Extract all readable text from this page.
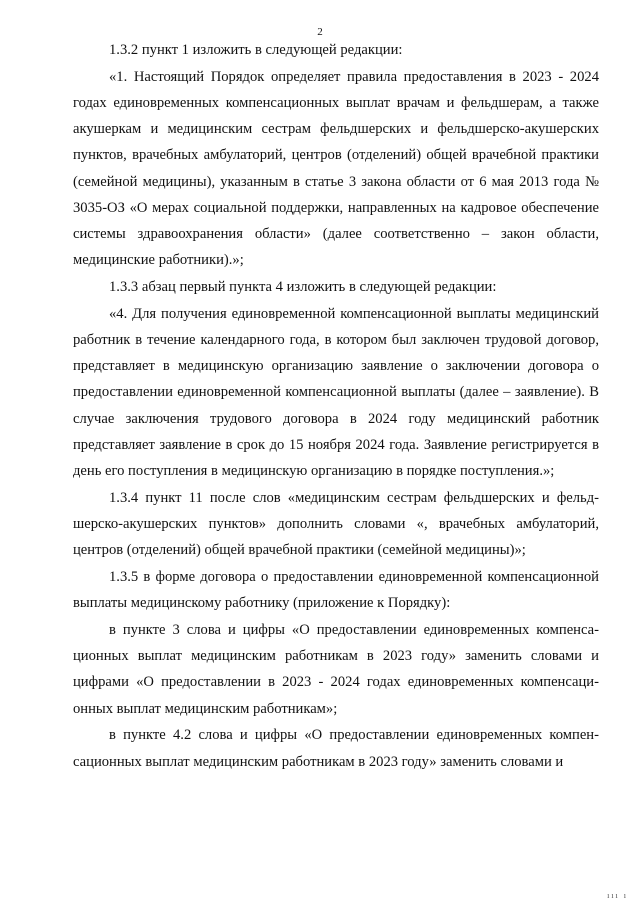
2

1.3.2 пункт 1 изложить в следующей редакции:

«1. Настоящий Порядок определяет правила предоставления в 2023 - 2024 годах единовременных компенсационных выплат врачам и фельдшерам, а также акушеркам и медицинским сестрам фельдшерских и фельдшерско-акушерских пунктов, врачебных амбулаторий, центров (отделений) общей врачебной практики (семейной медицины), указанным в статье 3 закона области от 6 мая 2013 года № 3035-ОЗ «О мерах социальной поддержки, направленных на кадровое обеспечение системы здравоохранения области» (далее соответственно – закон области, медицинские работники).»;

1.3.3 абзац первый пункта 4 изложить в следующей редакции:

«4. Для получения единовременной компенсационной выплаты медицинский работник в течение календарного года, в котором был заключен трудовой договор, представляет в медицинскую организацию заявление о заключении договора о предоставлении единовременной компенсационной выплаты (далее – заявление). В случае заключения трудового договора в 2024 году медицинский работник представляет заявление в срок до 15 ноября 2024 года. Заявление регистрируется в день его поступления в медицинскую организацию в порядке поступления.»;

1.3.4 пункт 11 после слов «медицинским сестрам фельдшерских и фельдшерско-акушерских пунктов» дополнить словами «, врачебных амбулаторий, центров (отделений) общей врачебной практики (семейной медицины)»;

1.3.5 в форме договора о предоставлении единовременной компенсационной выплаты медицинскому работнику (приложение к Порядку):

в пункте 3 слова и цифры «О предоставлении единовременных компенсационных выплат медицинским работникам в 2023 году» заменить словами и цифрами «О предоставлении в 2023 - 2024 годах единовременных компенсационных выплат медицинским работникам»;

в пункте 4.2 слова и цифры «О предоставлении единовременных компенсационных выплат медицинским работникам в 2023 году» заменить словами и

ııı ı
